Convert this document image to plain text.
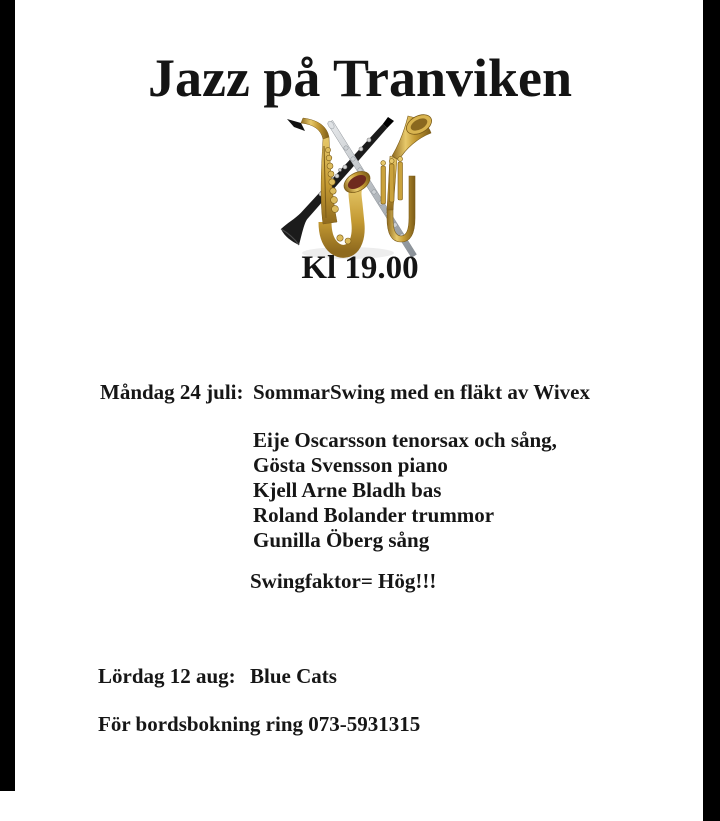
Jazz på Tranviken
Kl 19.00
Måndag 24 juli: SommarSwing med en fläkt av Wivex
Eije Oscarsson tenorsax och sång,
Gösta Svensson piano
Kjell Arne Bladh bas
Roland Bolander trummor
Gunilla Öberg sång
Swingfaktor= Hög!!!
Lördag 12 aug: Blue Cats
För bordsbokning ring 073-5931315
